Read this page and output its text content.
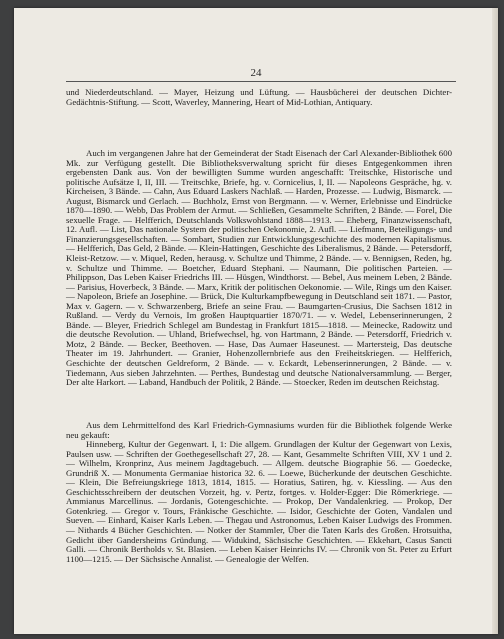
24

und Niederdeutschland. — Mayer, Heizung und Lüftung. — Hausbücherei der deutschen Dichter-Gedächtnis-Stiftung. — Scott, Waverley, Mannering, Heart of Mid-Lothian, Antiquary.

Auch im vergangenen Jahre hat der Gemeinderat der Stadt Eisenach der Carl Alexander-Bibliothek 600 Mk. zur Verfügung gestellt. Die Bibliotheksverwaltung spricht für dieses Entgegenkommen ihren ergebensten Dank aus. Von der bewilligten Summe wurden angeschafft: Treitschke, Historische und politische Aufsätze I, II, III. — Treitschke, Briefe, hg. v. Cornicelius, I, II. — Napoleons Gespräche, hg. v. Kircheisen, 3 Bände. — Cahn, Aus Eduard Laskers Nachlaß. — Harden, Prozesse. — Ludwig, Bismarck. — August, Bismarck und Gerlach. — Buchholz, Ernst von Bergmann. — v. Werner, Erlebnisse und Eindrücke 1870—1890. — Webb, Das Problem der Armut. — Schließen, Gesammelte Schriften, 2 Bände. — Forel, Die sexuelle Frage. — Helfferich, Deutschlands Volkswohlstand 1888—1913. — Eheberg, Finanzwissenschaft, 12. Aufl. — List, Das nationale System der politischen Oekonomie, 2. Aufl. — Liefmann, Beteiligungs- und Finanzierungsgesellschaften. — Sombart, Studien zur Entwicklungsgeschichte des modernen Kapitalismus. — Helfferich, Das Geld, 2 Bände. — Klein-Hattingen, Geschichte des Liberalismus, 2 Bände. — Petersdorff, Kleist-Retzow. — v. Miquel, Reden, herausg. v. Schultze und Thimme, 2 Bände. — v. Bennigsen, Reden, hg. v. Schultze und Thimme. — Boetcher, Eduard Stephani. — Naumann, Die politischen Parteien. — Philippson, Das Leben Kaiser Friedrichs III. — Hüsgen, Windthorst. — Bebel, Aus meinem Leben, 2 Bände. — Parisius, Hoverbeck, 3 Bände. — Marx, Kritik der politischen Oekonomie. — Wile, Rings um den Kaiser. — Napoleon, Briefe an Josephine. — Brück, Die Kulturkampfbewegung in Deutschland seit 1871. — Pastor, Max v. Gagern. — v. Schwarzenberg, Briefe an seine Frau. — Baumgarten-Crusius, Die Sachsen 1812 in Rußland. — Verdy du Vernois, Im großen Hauptquartier 1870/71. — v. Wedel, Lebenserinnerungen, 2 Bände. — Bleyer, Friedrich Schlegel am Bundestag in Frankfurt 1815—1818. — Meinecke, Radowitz und die deutsche Revolution. — Uhland, Briefwechsel, hg. von Hartmann, 2 Bände. — Petersdorff, Friedrich v. Motz, 2 Bände. — Becker, Beethoven. — Hase, Das Aumaer Haseunest. — Martersteig, Das deutsche Theater im 19. Jahrhundert. — Granier, Hohenzollernbriefe aus den Freiheitskriegen. — Helfferich, Geschichte der deutschen Geldreform, 2 Bände. — v. Eckardt, Lebenserinnerungen, 2 Bände. — v. Tiedemann, Aus sieben Jahrzehnten. — Perthes, Bundestag und deutsche Nationalversammlung. — Berger, Der alte Harkort. — Laband, Handbuch der Politik, 2 Bände. — Stoecker, Reden im deutschen Reichstag.

Aus dem Lehrmittelfond des Karl Friedrich-Gymnasiums wurden für die Bibliothek folgende Werke neu gekauft:

Hinneberg, Kultur der Gegenwart. I, 1: Die allgem. Grundlagen der Kultur der Gegenwart von Lexis, Paulsen usw. — Schriften der Goethegesellschaft 27, 28. — Kant, Gesammelte Schriften VIII, XV 1 und 2. — Wilhelm, Kronprinz, Aus meinem Jagdtagebuch. — Allgem. deutsche Biographie 56. — Goedecke, Grundriß X. — Monumenta Germaniae historica 32. 6. — Loewe, Bücherkunde der deutschen Geschichte. — Klein, Die Befreiungskriege 1813, 1814, 1815. — Horatius, Satiren, hg. v. Kiessling. — Aus den Geschichtsschreibern der deutschen Vorzeit, hg. v. Pertz, fortges. v. Holder-Egger: Die Römerkriege. — Ammianus Marcellinus. — Jordanis, Gotengeschichte. — Prokop, Der Vandalenkrieg. — Prokop, Der Gotenkrieg. — Gregor v. Tours, Fränkische Geschichte. — Isidor, Geschichte der Goten, Vandalen und Sueven. — Einhard, Kaiser Karls Leben. — Thegau und Astronomus, Leben Kaiser Ludwigs des Frommen. — Nithards 4 Bücher Geschichten. — Notker der Stammler, Über die Taten Karls des Großen. Hrotsuitha, Gedicht über Gandersheims Gründung. — Widukind, Sächsische Geschichten. — Ekkehart, Casus Sancti Galli. — Chronik Bertholds v. St. Blasien. — Leben Kaiser Heinrichs IV. — Chronik von St. Peter zu Erfurt 1100—1215. — Der Sächsische Annalist. — Genealogie der Welfen.
